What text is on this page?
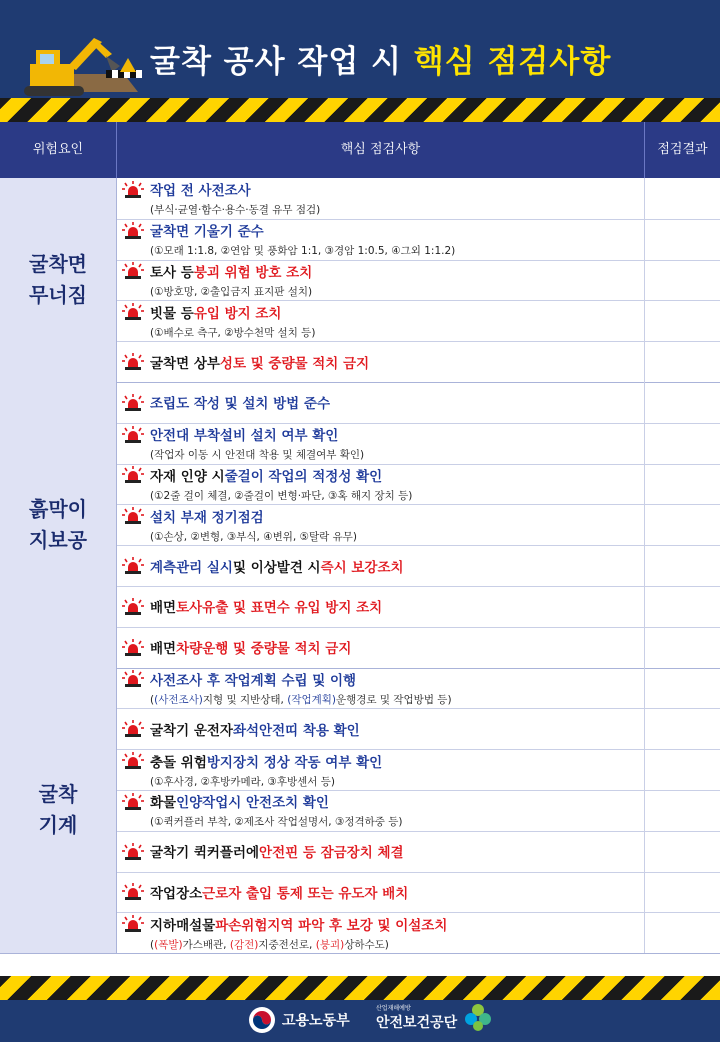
굴착 공사 작업 시 핵심 점검사항
위험요인	핵심 점검사항	점검결과
굴착면
무너짐
작업 전 사전조사
(부식·균열·함수·용수·동결 유무 점검)
굴착면 기울기 준수
(①모래 1:1.8, ②연암 및 풍화암 1:1, ③경암 1:0.5, ④그외 1:1.2)
토사 등 붕괴 위험 방호 조치
(①방호망, ②출입금지 표지판 설치)
빗물 등 유입 방지 조치
(①배수로 측구, ②방수천막 설치 등)
굴착면 상부 성토 및 중량물 적치 금지
흙막이
지보공
조립도 작성 및 설치 방법 준수
안전대 부착설비 설치 여부 확인
(작업자 이동 시 안전대 착용 및 체결여부 확인)
자재 인양 시 줄걸이 작업의 적정성 확인
(①2줄 걸이 체결, ②줄걸이 변형·파단, ③혹 해지 장치 등)
설치 부재 정기점검
(①손상, ②변형, ③부식, ④변위, ⑤탈락 유무)
계측관리 실시 및 이상발견 시 즉시 보강조치
배면 토사유출 및 표면수 유입 방지 조치
배면 차량운행 및 중량물 적치 금지
굴착
기계
사전조사 후 작업계획 수립 및 이행
((사전조사)지형 및 지반상태, (작업계획)운행경로 및 작업방법 등)
굴착기 운전자 좌석안전띠 착용 확인
충돌 위험 방지장치 정상 작동 여부 확인
(①후사경, ②후방카메라, ③후방센서 등)
화물 인양작업시 안전조치 확인
(①퀵커플러 부착, ②제조사 작업설명서, ③정격하중 등)
굴착기 퀵커플러에 안전핀 등 잠금장치 체결
작업장소 근로자 출입 통제 또는 유도자 배치
지하매설물 파손위험지역 파악 후 보강 및 이설조치
((폭발)가스배관, (감전)지중전선로, (붕괴)상하수도)
고용노동부
산업재해예방
안전보건공단
